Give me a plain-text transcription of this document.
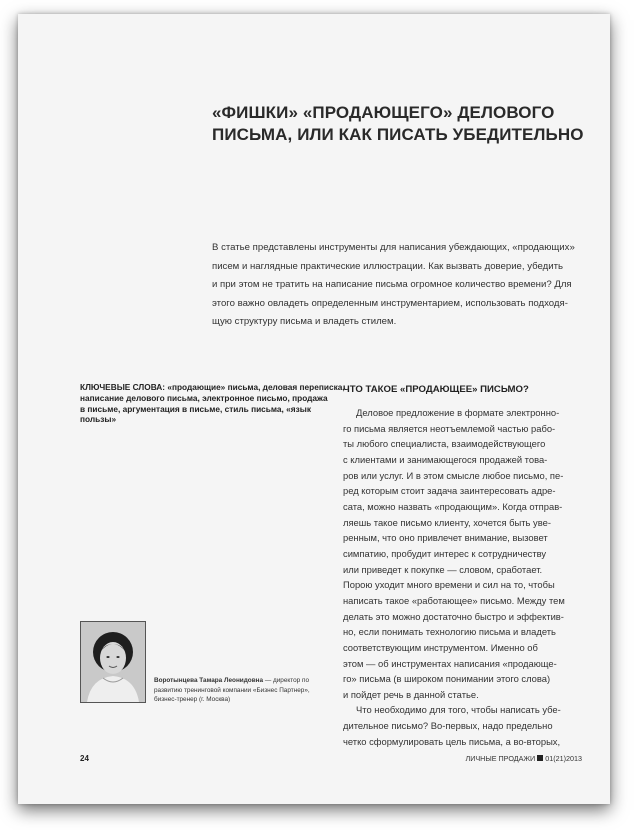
«ФИШКИ» «ПРОДАЮЩЕГО» ДЕЛОВОГО
ПИСЬМА, ИЛИ КАК ПИСАТЬ УБЕДИТЕЛЬНО
В статье представлены инструменты для написания убеждающих, «продающих»
писем и наглядные практические иллюстрации. Как вызвать доверие, убедить
и при этом не тратить на написание письма огромное количество времени? Для
этого важно овладеть определенным инструментарием, использовать подходя-
щую структуру письма и владеть стилем.
КЛЮЧЕВЫЕ СЛОВА: «продающие» письма, деловая переписка,
написание делового письма, электронное письмо, продажа
в письме, аргументация в письме, стиль письма, «язык
пользы»
Воротынцева Тамара Леонидовна — директор по
развитию тренинговой компании «Бизнес Партнер»,
бизнес-тренер (г. Москва)
ЧТО ТАКОЕ «ПРОДАЮЩЕЕ» ПИСЬМО?
Деловое предложение в формате электронно-
го письма является неотъемлемой частью рабо-
ты любого специалиста, взаимодействующего
с клиентами и занимающегося продажей това-
ров или услуг. И в этом смысле любое письмо, пе-
ред которым стоит задача заинтересовать адре-
сата, можно назвать «продающим». Когда отправ-
ляешь такое письмо клиенту, хочется быть уве-
ренным, что оно привлечет внимание, вызовет
симпатию, пробудит интерес к сотрудничеству
или приведет к покупке — словом, сработает.
Порою уходит много времени и сил на то, чтобы
написать такое «работающее» письмо. Между тем
делать это можно достаточно быстро и эффектив-
но, если понимать технологию письма и владеть
соответствующим инструментом. Именно об
этом — об инструментах написания «продающе-
го» письма (в широком понимании этого слова)
и пойдет речь в данной статье.
Что необходимо для того, чтобы написать убе-
дительное письмо? Во-первых, надо предельно
четко сформулировать цель письма, а во-вторых,
24	ЛИЧНЫЕ ПРОДАЖИ 01(21)2013
